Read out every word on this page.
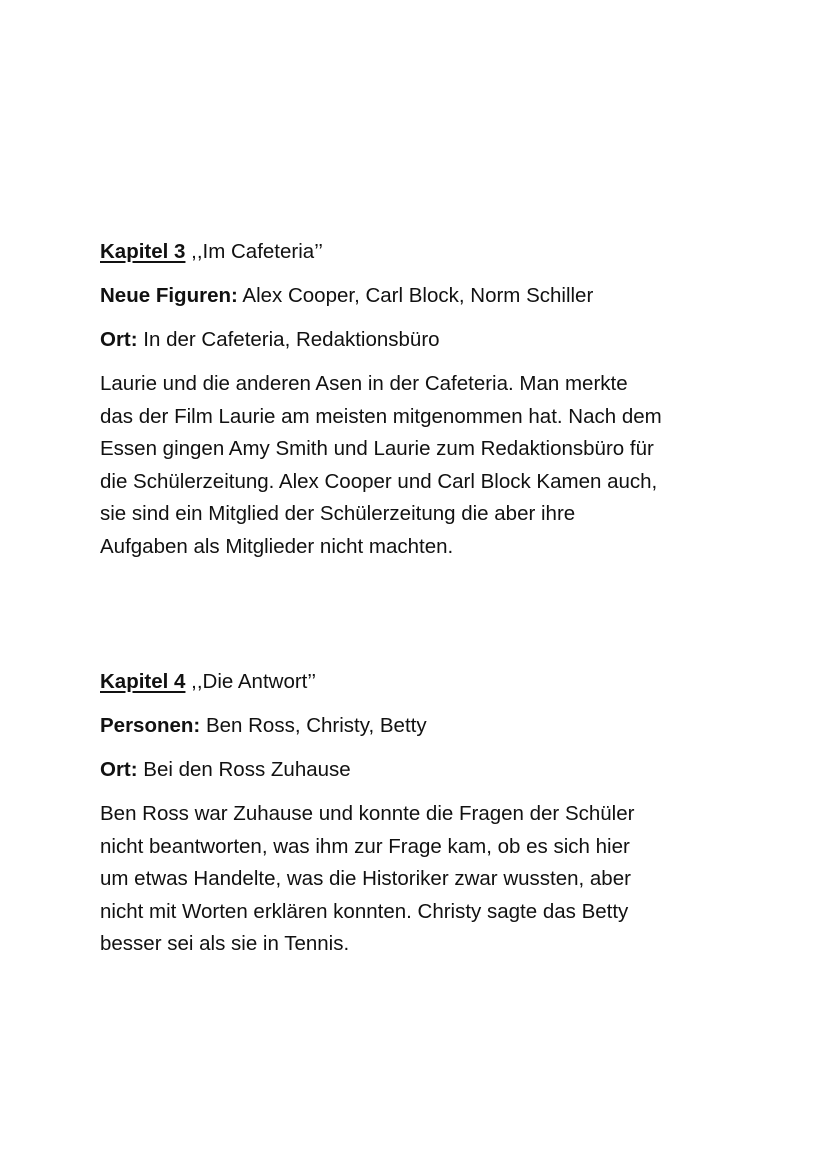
Kapitel 3 ,,Im Cafeteria’’

Neue Figuren: Alex Cooper, Carl Block, Norm Schiller

Ort: In der Cafeteria, Redaktionsbüro

Laurie und die anderen Asen in der Cafeteria. Man merkte
das der Film Laurie am meisten mitgenommen hat. Nach dem
Essen gingen Amy Smith und Laurie zum Redaktionsbüro für
die Schülerzeitung. Alex Cooper und Carl Block Kamen auch,
sie sind ein Mitglied der Schülerzeitung die aber ihre
Aufgaben als Mitglieder nicht machten.

Kapitel 4 ,,Die Antwort’’

Personen: Ben Ross, Christy, Betty

Ort: Bei den Ross Zuhause

Ben Ross war Zuhause und konnte die Fragen der Schüler
nicht beantworten, was ihm zur Frage kam, ob es sich hier
um etwas Handelte, was die Historiker zwar wussten, aber
nicht mit Worten erklären konnten. Christy sagte das Betty
besser sei als sie in Tennis.
